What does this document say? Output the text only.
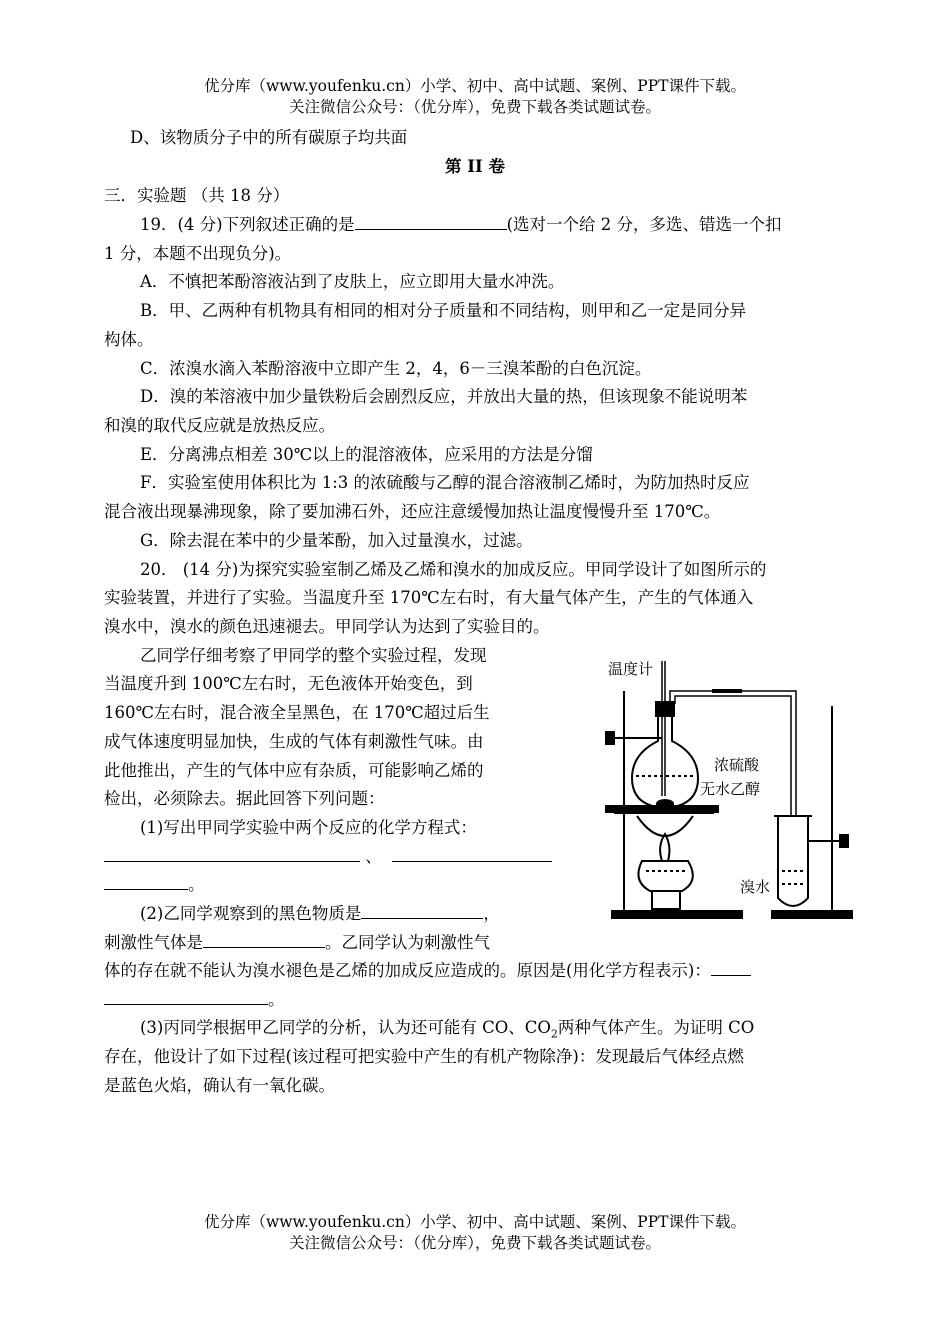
优分库（www.youfenku.cn）小学、初中、高中试题、案例、PPT课件下载。
关注微信公众号：（优分库），免费下载各类试题试卷。
D、该物质分子中的所有碳原子均共面
第 II 卷
三．实验题 （共 18 分）
19．(4 分)下列叙述正确的是	(选对一个给 2 分，多选、错选一个扣
1 分，本题不出现负分)。
A．不慎把苯酚溶液沾到了皮肤上，应立即用大量水冲洗。
B．甲、乙两种有机物具有相同的相对分子质量和不同结构，则甲和乙一定是同分异
构体。
C．浓溴水滴入苯酚溶液中立即产生 2，4，6－三溴苯酚的白色沉淀。
D．溴的苯溶液中加少量铁粉后会剧烈反应，并放出大量的热，但该现象不能说明苯
和溴的取代反应就是放热反应。
E．分离沸点相差 30℃以上的混溶液体，应采用的方法是分馏
F．实验室使用体积比为 1:3 的浓硫酸与乙醇的混合溶液制乙烯时，为防加热时反应
混合液出现暴沸现象，除了要加沸石外，还应注意缓慢加热让温度慢慢升至 170℃。
G．除去混在苯中的少量苯酚，加入过量溴水，过滤。
20． (14 分)为探究实验室制乙烯及乙烯和溴水的加成反应。甲同学设计了如图所示的
实验装置，并进行了实验。当温度升至 170℃左右时，有大量气体产生，产生的气体通入
溴水中，溴水的颜色迅速褪去。甲同学认为达到了实验目的。
乙同学仔细考察了甲同学的整个实验过程，发现
当温度升到 100℃左右时，无色液体开始变色，到
160℃左右时，混合液全呈黑色，在 170℃超过后生
成气体速度明显加快，生成的气体有刺激性气味。由
此他推出，产生的气体中应有杂质，可能影响乙烯的
检出，必须除去。据此回答下列问题：
(1)写出甲同学实验中两个反应的化学方程式：
、
。
(2)乙同学观察到的黑色物质是	，
刺激性气体是	。乙同学认为刺激性气
体的存在就不能认为溴水褪色是乙烯的加成反应造成的。原因是(用化学方程表示)：
。
(3)丙同学根据甲乙同学的分析，认为还可能有 CO、$CO_2$两种气体产生。为证明 CO
存在，他设计了如下过程(该过程可把实验中产生的有机产物除净)：发现最后气体经点燃
是蓝色火焰，确认有一氧化碳。
温度计
浓硫酸
无水乙醇
溴水
优分库（www.youfenku.cn）小学、初中、高中试题、案例、PPT课件下载。
关注微信公众号：（优分库），免费下载各类试题试卷。
